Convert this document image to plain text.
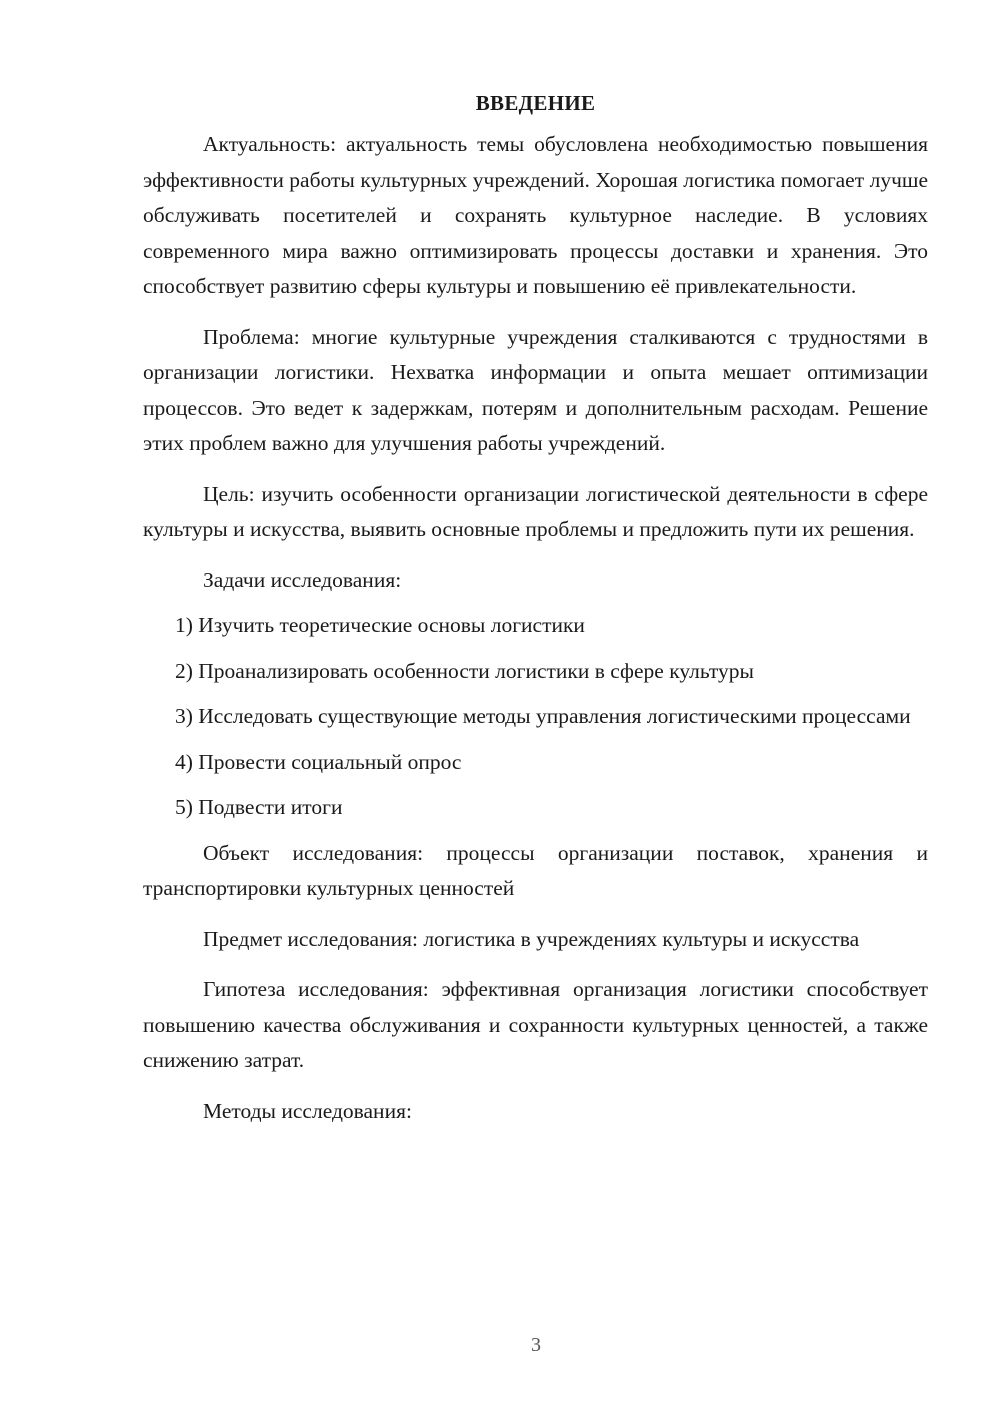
ВВЕДЕНИЕ

Актуальность: актуальность темы обусловлена необходимостью повышения эффективности работы культурных учреждений. Хорошая логистика помогает лучше обслуживать посетителей и сохранять культурное наследие. В условиях современного мира важно оптимизировать процессы доставки и хранения. Это способствует развитию сферы культуры и повышению её привлекательности.

Проблема: многие культурные учреждения сталкиваются с трудностями в организации логистики. Нехватка информации и опыта мешает оптимизации процессов. Это ведет к задержкам, потерям и дополнительным расходам. Решение этих проблем важно для улучшения работы учреждений.

Цель: изучить особенности организации логистической деятельности в сфере культуры и искусства, выявить основные проблемы и предложить пути их решения.

Задачи исследования:

1) Изучить теоретические основы логистики

2) Проанализировать особенности логистики в сфере культуры

3) Исследовать существующие методы управления логистическими процессами

4) Провести социальный опрос

5) Подвести итоги

Объект исследования: процессы организации поставок, хранения и транспортировки культурных ценностей

Предмет исследования: логистика в учреждениях культуры и искусства

Гипотеза исследования: эффективная организация логистики способствует повышению качества обслуживания и сохранности культурных ценностей, а также снижению затрат.

Методы исследования:

3
